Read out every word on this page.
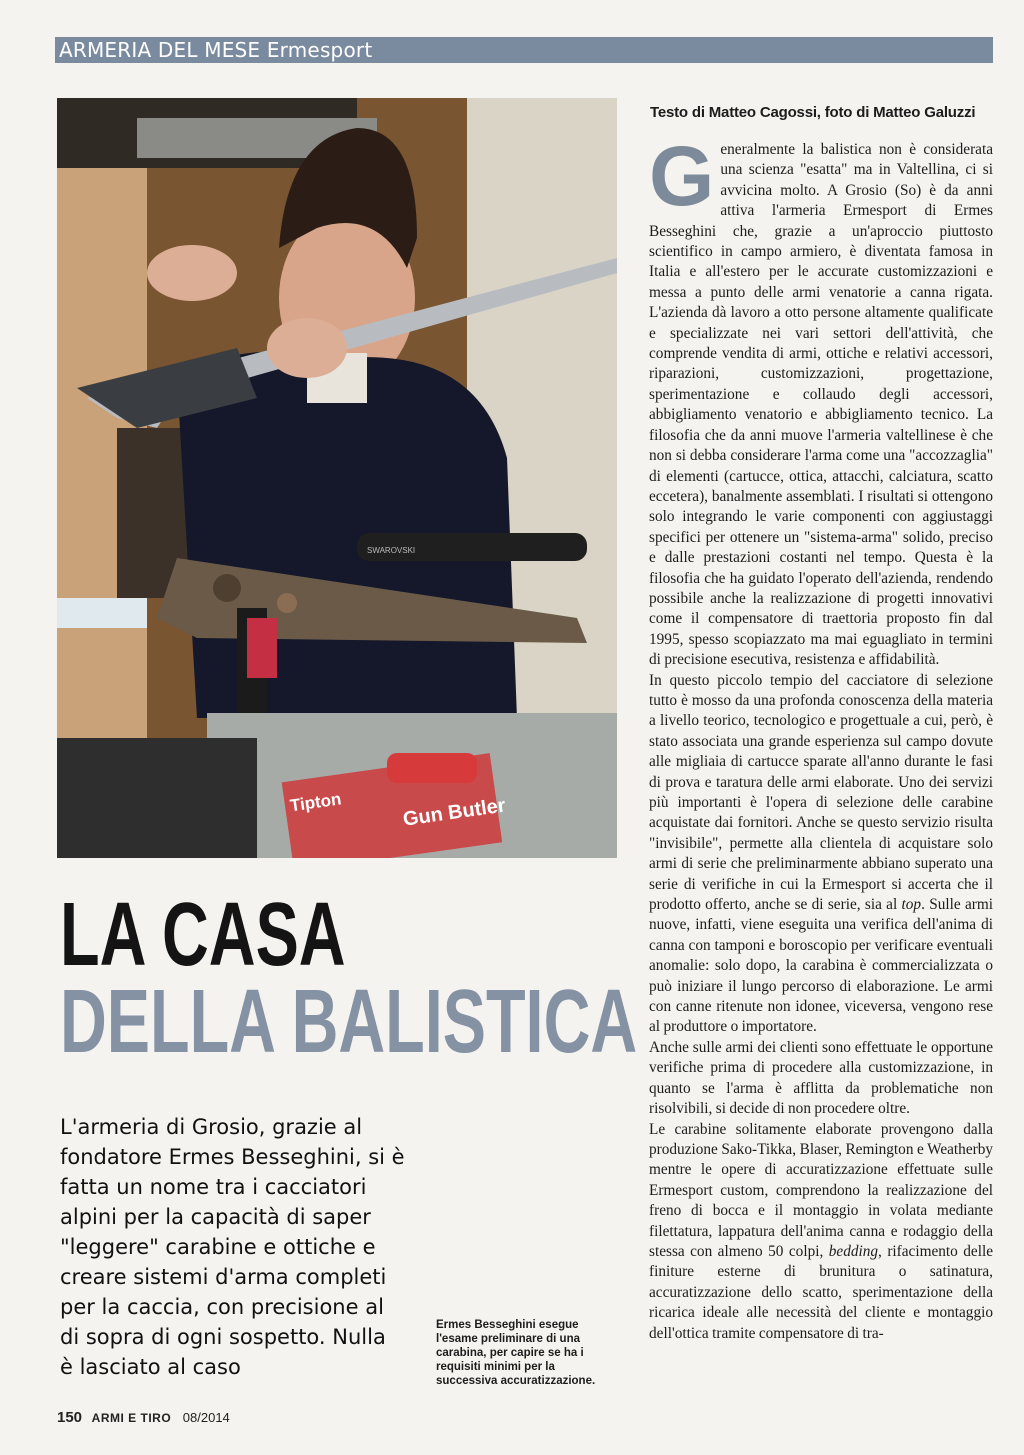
ARMERIA DEL MESE Ermesport
Tipton	Gun Butler
SWAROVSKI
Testo di Matteo Cagossi, foto di Matteo Galuzzi

Generalmente la balistica non è considerata una scienza "esatta" ma in Valtellina, ci si avvicina molto. A Grosio (So) è da anni attiva l'armeria Ermesport di Ermes Besseghini che, grazie a un'aproccio piuttosto scientifico in campo armiero, è diventata famosa in Italia e all'estero per le accurate customizzazioni e messa a punto delle armi venatorie a canna rigata. L'azienda dà lavoro a otto persone altamente qualificate e specializzate nei vari settori dell'attività, che comprende vendita di armi, ottiche e relativi accessori, riparazioni, customizzazioni, progettazione, sperimentazione e collaudo degli accessori, abbigliamento venatorio e abbigliamento tecnico. La filosofia che da anni muove l'armeria valtellinese è che non si debba considerare l'arma come una "accozzaglia" di elementi (cartucce, ottica, attacchi, calciatura, scatto eccetera), banalmente assemblati. I risultati si ottengono solo integrando le varie componenti con aggiustaggi specifici per ottenere un "sistema-arma" solido, preciso e dalle prestazioni costanti nel tempo. Questa è la filosofia che ha guidato l'operato dell'azienda, rendendo possibile anche la realizzazione di progetti innovativi come il compensatore di traettoria proposto fin dal 1995, spesso scopiazzato ma mai eguagliato in termini di precisione esecutiva, resistenza e affidabilità.

In questo piccolo tempio del cacciatore di selezione tutto è mosso da una profonda conoscenza della materia a livello teorico, tecnologico e progettuale a cui, però, è stato associata una grande esperienza sul campo dovute alle migliaia di cartucce sparate all'anno durante le fasi di prova e taratura delle armi elaborate. Uno dei servizi più importanti è l'opera di selezione delle carabine acquistate dai fornitori. Anche se questo servizio risulta "invisibile", permette alla clientela di acquistare solo armi di serie che preliminarmente abbiano superato una serie di verifiche in cui la Ermesport si accerta che il prodotto offerto, anche se di serie, sia al top. Sulle armi nuove, infatti, viene eseguita una verifica dell'anima di canna con tamponi e boroscopio per verificare eventuali anomalie: solo dopo, la carabina è commercializzata o può iniziare il lungo percorso di elaborazione. Le armi con canne ritenute non idonee, viceversa, vengono rese al produttore o importatore.

Anche sulle armi dei clienti sono effettuate le opportune verifiche prima di procedere alla customizzazione, in quanto se l'arma è afflitta da problematiche non risolvibili, si decide di non procedere oltre.

Le carabine solitamente elaborate provengono dalla produzione Sako-Tikka, Blaser, Remington e Weatherby mentre le opere di accuratizzazione effettuate sulle Ermesport custom, comprendono la realizzazione del freno di bocca e il montaggio in volata mediante filettatura, lappatura dell'anima canna e rodaggio della stessa con almeno 50 colpi, bedding, rifacimento delle finiture esterne di brunitura o satinatura, accuratizzazione dello scatto, sperimentazione della ricarica ideale alle necessità del cliente e montaggio dell'ottica tramite compensatore di tra-

LA CASA
DELLA BALISTICA
L'armeria di Grosio, grazie al fondatore Ermes Besseghini, si è fatta un nome tra i cacciatori alpini per la capacità di saper "leggere" carabine e ottiche e creare sistemi d'arma completi per la caccia, con precisione al di sopra di ogni sospetto. Nulla è lasciato al caso
Ermes Besseghini esegue l'esame preliminare di una carabina, per capire se ha i requisiti minimi per la successiva accuratizzazione.
150 ARMI E TIRO 08/2014
